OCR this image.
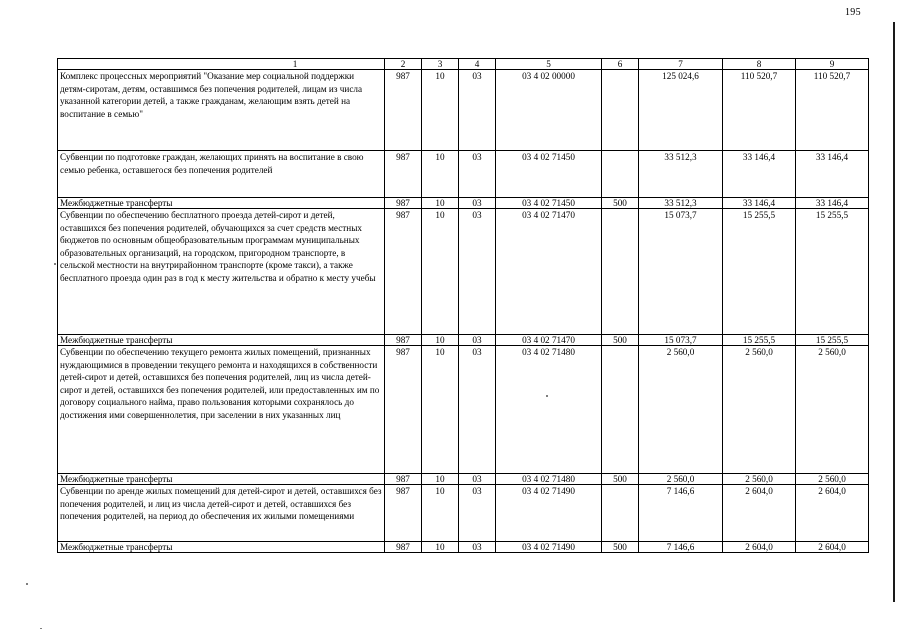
195
1	2	3	4	5	6	7	8	9
Комплекс процессных мероприятий "Оказание мер социальной поддержки детям-сиротам, детям, оставшимся без попечения родителей, лицам из числа указанной категории детей, а также гражданам, желающим взять детей на воспитание в семью"	987	10	03	03 4 02 00000		125 024,6	110 520,7	110 520,7
Субвенции по подготовке граждан, желающих принять на воспитание в свою семью ребенка, оставшегося без попечения родителей	987	10	03	03 4 02 71450		33 512,3	33 146,4	33 146,4
Межбюджетные трансферты	987	10	03	03 4 02 71450	500	33 512,3	33 146,4	33 146,4
Субвенции по обеспечению бесплатного проезда детей-сирот и детей, оставшихся без попечения родителей, обучающихся за счет средств местных бюджетов по основным общеобразовательным программам муниципальных образовательных организаций, на городском, пригородном транспорте, в сельской местности на внутрирайонном транспорте (кроме такси), а также бесплатного проезда один раз в год к месту жительства и обратно к месту учебы	987	10	03	03 4 02 71470		15 073,7	15 255,5	15 255,5
Межбюджетные трансферты	987	10	03	03 4 02 71470	500	15 073,7	15 255,5	15 255,5
Субвенции по обеспечению текущего ремонта жилых помещений, признанных нуждающимися в проведении текущего ремонта и находящихся в собственности детей-сирот и детей, оставшихся без попечения родителей, лиц из числа детей-сирот и детей, оставшихся без попечения родителей, или предоставленных им по договору социального найма, право пользования которыми сохранялось до достижения ими совершеннолетия, при заселении в них указанных лиц	987	10	03	03 4 02 71480		2 560,0	2 560,0	2 560,0
Межбюджетные трансферты	987	10	03	03 4 02 71480	500	2 560,0	2 560,0	2 560,0
Субвенции по аренде жилых помещений для детей-сирот и детей, оставшихся без попечения родителей, и лиц из числа детей-сирот и детей, оставшихся без попечения родителей, на период до обеспечения их жилыми помещениями	987	10	03	03 4 02 71490		7 146,6	2 604,0	2 604,0
Межбюджетные трансферты	987	10	03	03 4 02 71490	500	7 146,6	2 604,0	2 604,0
